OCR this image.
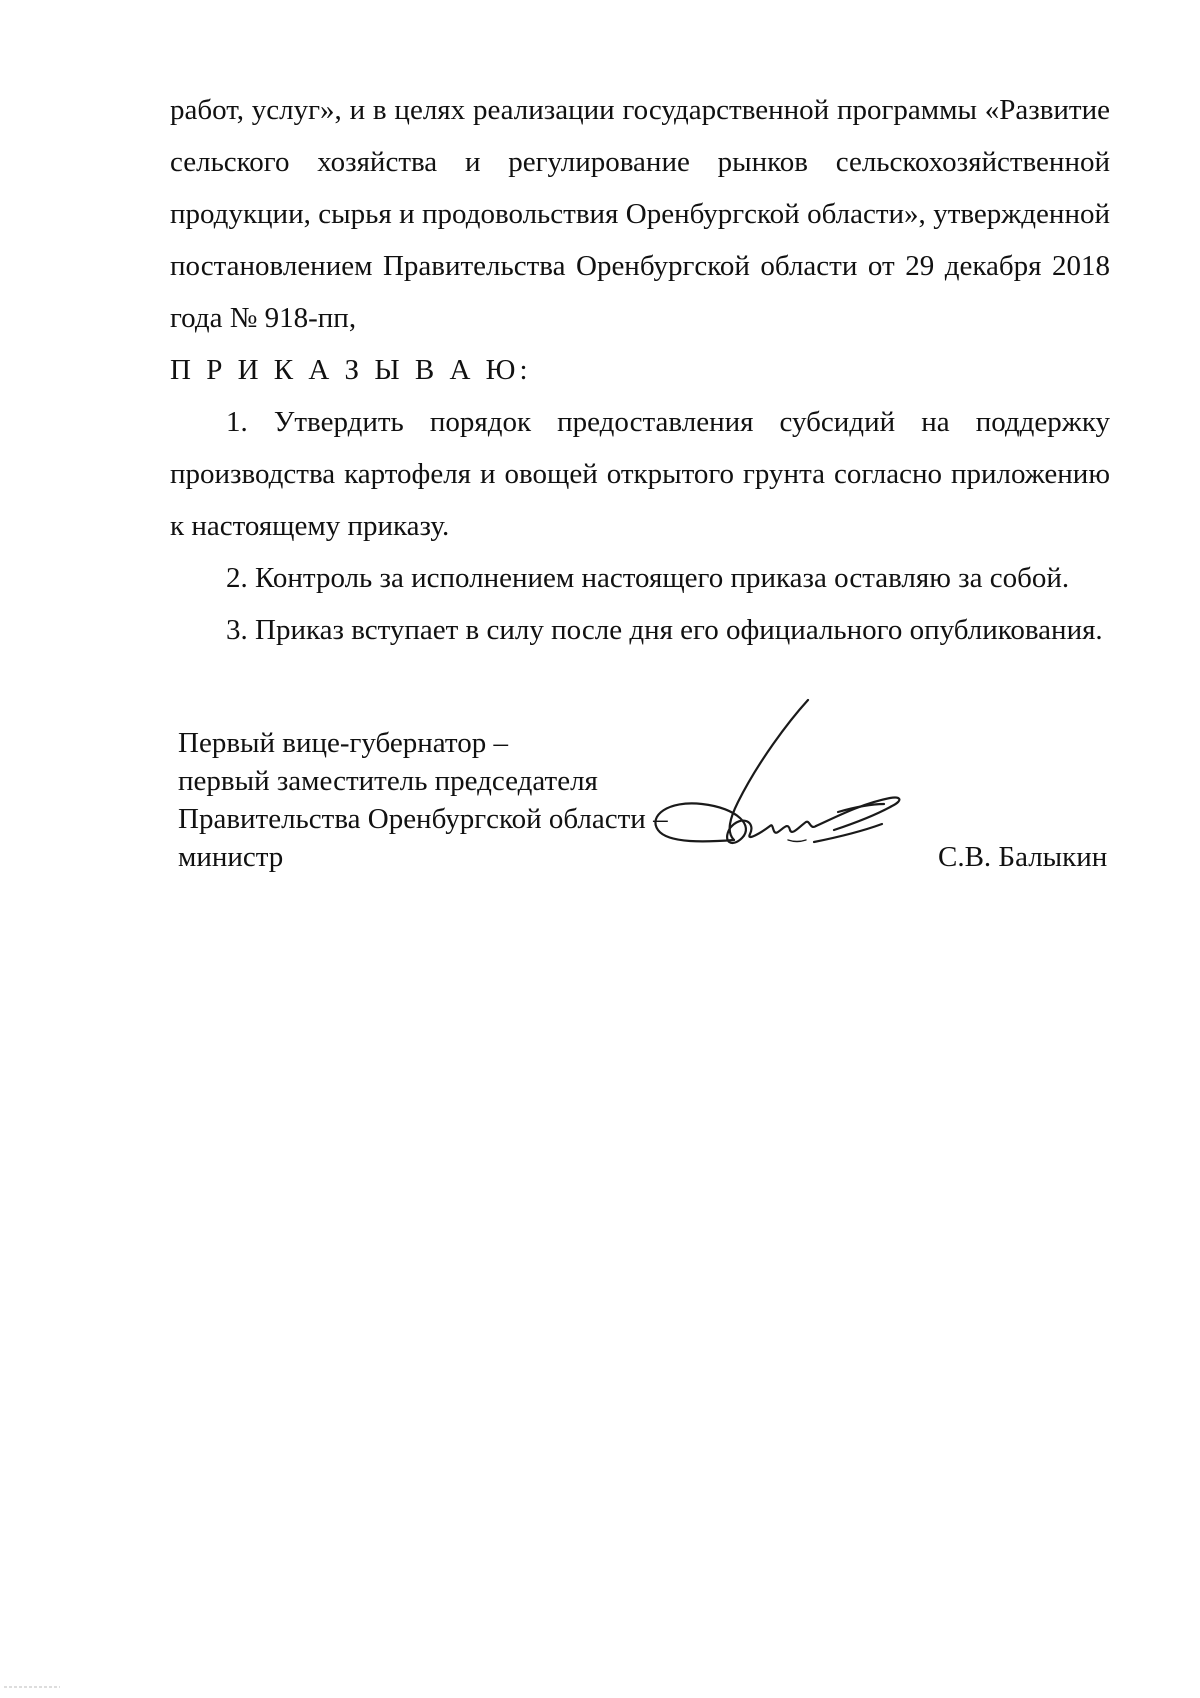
работ, услуг», и в целях реализации государственной программы «Развитие сельского хозяйства и регулирование рынков сельскохозяйственной продукции, сырья и продовольствия Оренбургской области», утвержденной постановлением Правительства Оренбургской области от 29 декабря 2018 года № 918-пп,

П Р И К А З Ы В А Ю:

1. Утвердить порядок предоставления субсидий на поддержку производства картофеля и овощей открытого грунта согласно приложению к настоящему приказу.

2. Контроль за исполнением настоящего приказа оставляю за собой.

3. Приказ вступает в силу после дня его официального опубликования.

Первый вице-губернатор –
первый заместитель председателя
Правительства Оренбургской области –
министр	С.В. Балыкин
